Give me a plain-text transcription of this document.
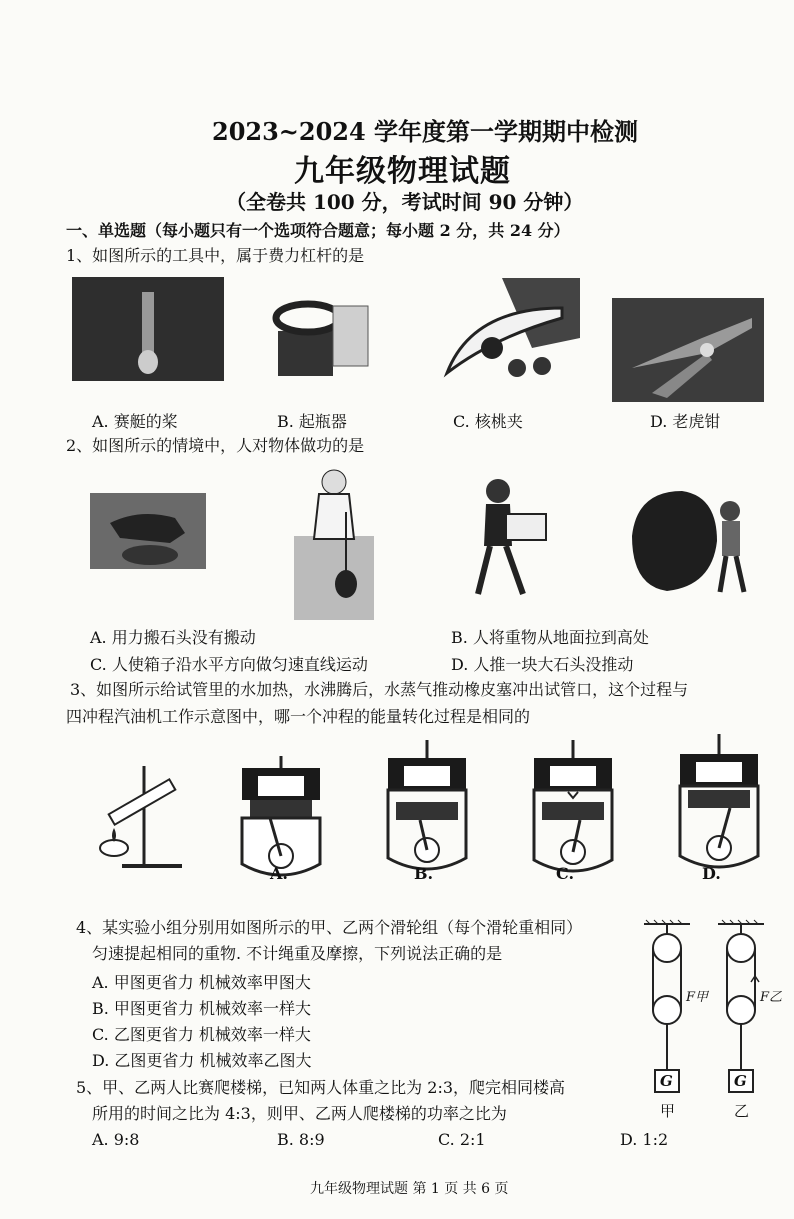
2023~2024 学年度第一学期期中检测
九年级物理试题
（全卷共 100 分，考试时间 90 分钟）
一、单选题（每小题只有一个选项符合题意；每小题 2 分，共 24 分）
1、如图所示的工具中，属于费力杠杆的是
A. 赛艇的桨	B. 起瓶器	C. 核桃夹	D. 老虎钳
2、如图所示的情境中，人对物体做功的是
A. 用力搬石头没有搬动	B. 人将重物从地面拉到高处
C. 人使箱子沿水平方向做匀速直线运动	D. 人推一块大石头没推动
3、如图所示给试管里的水加热，水沸腾后，水蒸气推动橡皮塞冲出试管口，这个过程与
四冲程汽油机工作示意图中，哪一个冲程的能量转化过程是相同的
A.	B.	C.	D.
4、某实验小组分别用如图所示的甲、乙两个滑轮组（每个滑轮重相同）
匀速提起相同的重物. 不计绳重及摩擦，下列说法正确的是
A. 甲图更省力 机械效率甲图大
B. 甲图更省力 机械效率一样大
C. 乙图更省力 机械效率一样大
D. 乙图更省力 机械效率乙图大
G	G
F甲	F乙
甲	乙
5、甲、乙两人比赛爬楼梯，已知两人体重之比为 2:3，爬完相同楼高
所用的时间之比为 4:3，则甲、乙两人爬楼梯的功率之比为
A. 9:8	B. 8:9	C. 2:1	D. 1:2
九年级物理试题 第 1 页 共 6 页
